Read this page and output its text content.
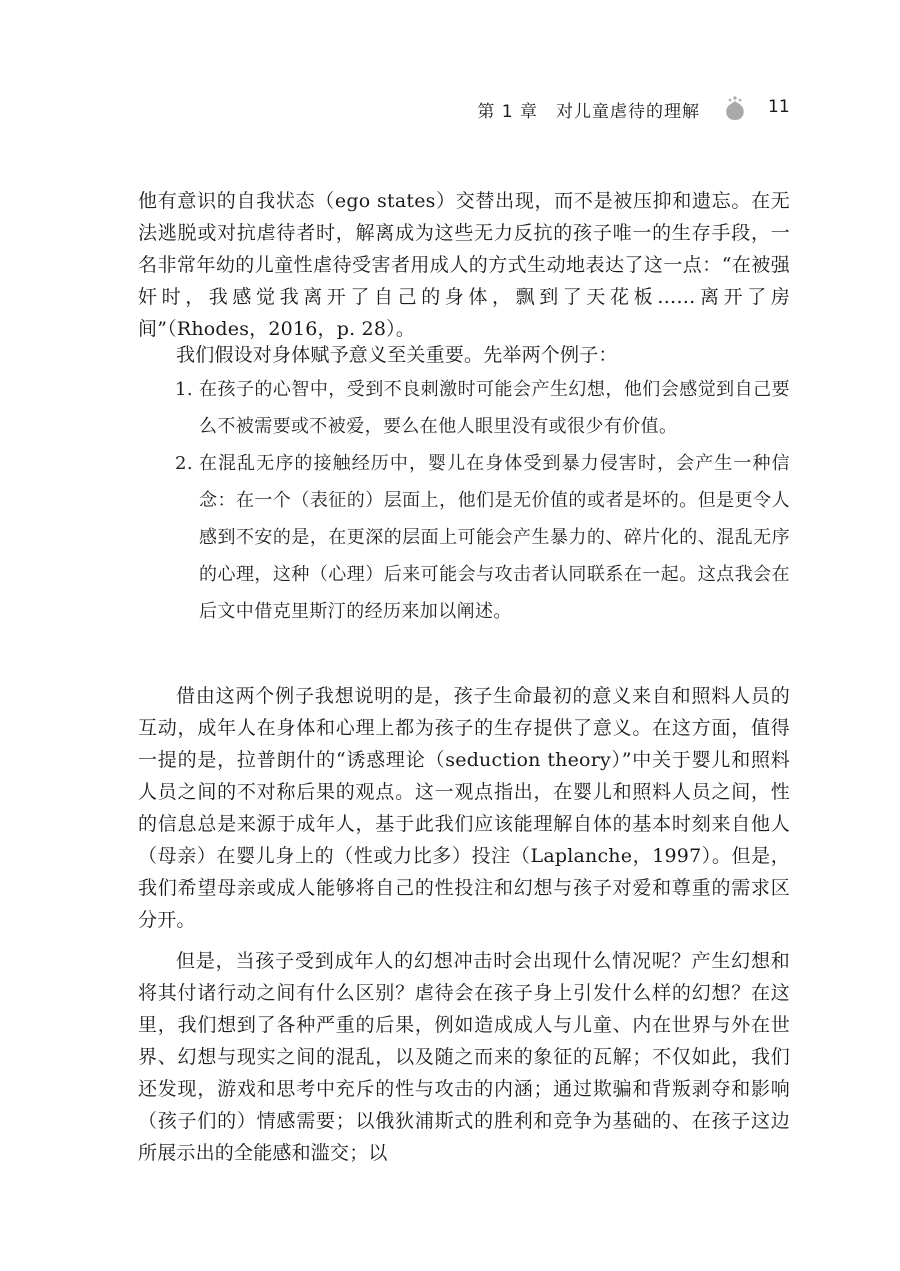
第 1 章　对儿童虐待的理解	11

他有意识的自我状态（ego states）交替出现，而不是被压抑和遗忘。在无法逃脱或对抗虐待者时，解离成为这些无力反抗的孩子唯一的生存手段，一名非常年幼的儿童性虐待受害者用成人的方式生动地表达了这一点：“在被强奸时，我感觉我离开了自己的身体，飘到了天花板……离开了房间”（Rhodes，2016，p. 28）。

我们假设对身体赋予意义至关重要。先举两个例子：

1. 在孩子的心智中，受到不良刺激时可能会产生幻想，他们会感觉到自己要么不被需要或不被爱，要么在他人眼里没有或很少有价值。
2. 在混乱无序的接触经历中，婴儿在身体受到暴力侵害时，会产生一种信念：在一个（表征的）层面上，他们是无价值的或者是坏的。但是更令人感到不安的是，在更深的层面上可能会产生暴力的、碎片化的、混乱无序的心理，这种（心理）后来可能会与攻击者认同联系在一起。这点我会在后文中借克里斯汀的经历来加以阐述。

借由这两个例子我想说明的是，孩子生命最初的意义来自和照料人员的互动，成年人在身体和心理上都为孩子的生存提供了意义。在这方面，值得一提的是，拉普朗什的“诱惑理论（seduction theory）”中关于婴儿和照料人员之间的不对称后果的观点。这一观点指出，在婴儿和照料人员之间，性的信息总是来源于成年人，基于此我们应该能理解自体的基本时刻来自他人（母亲）在婴儿身上的（性或力比多）投注（Laplanche，1997）。但是，我们希望母亲或成人能够将自己的性投注和幻想与孩子对爱和尊重的需求区分开。

但是，当孩子受到成年人的幻想冲击时会出现什么情况呢？产生幻想和将其付诸行动之间有什么区别？虐待会在孩子身上引发什么样的幻想？在这里，我们想到了各种严重的后果，例如造成成人与儿童、内在世界与外在世界、幻想与现实之间的混乱，以及随之而来的象征的瓦解；不仅如此，我们还发现，游戏和思考中充斥的性与攻击的内涵；通过欺骗和背叛剥夺和影响（孩子们的）情感需要；以俄狄浦斯式的胜利和竞争为基础的、在孩子这边所展示出的全能感和滥交；以
